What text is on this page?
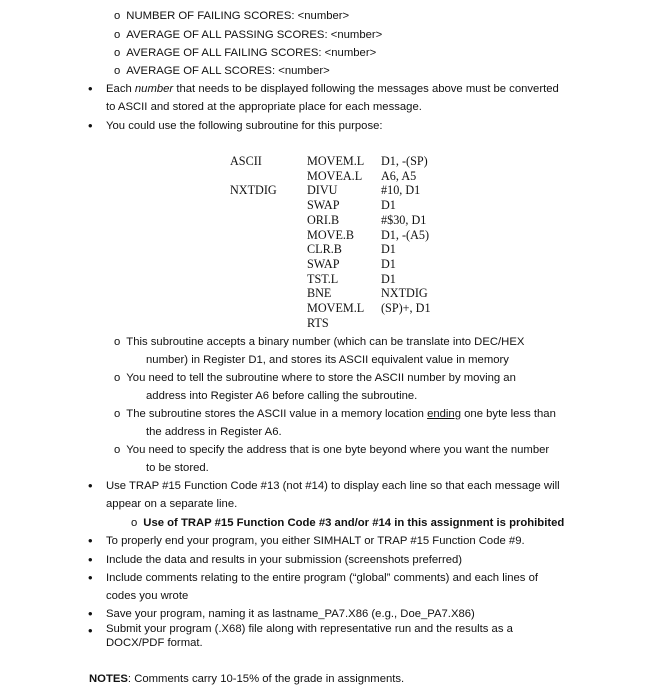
o NUMBER OF FAILING SCORES: <number>
o AVERAGE OF ALL PASSING SCORES: <number>
o AVERAGE OF ALL FAILING SCORES: <number>
o AVERAGE OF ALL SCORES: <number>
• Each number that needs to be displayed following the messages above must be converted
to ASCII and stored at the appropriate place for each message.
• You could use the following subroutine for this purpose:
ASCII	MOVEM.L	D1, -(SP)
	MOVEA.L	A6, A5
NXTDIG	DIVU	#10, D1
	SWAP	D1
	ORI.B	#$30, D1
	MOVE.B	D1, -(A5)
	CLR.B	D1
	SWAP	D1
	TST.L	D1
	BNE	NXTDIG
	MOVEM.L	(SP)+, D1
	RTS	
o This subroutine accepts a binary number (which can be translate into DEC/HEX
number) in Register D1, and stores its ASCII equivalent value in memory
o You need to tell the subroutine where to store the ASCII number by moving an
address into Register A6 before calling the subroutine.
o The subroutine stores the ASCII value in a memory location ending one byte less than
the address in Register A6.
o You need to specify the address that is one byte beyond where you want the number
to be stored.
• Use TRAP #15 Function Code #13 (not #14) to display each line so that each message will
appear on a separate line.
o Use of TRAP #15 Function Code #3 and/or #14 in this assignment is prohibited
• To properly end your program, you either SIMHALT or TRAP #15 Function Code #9.
• Include the data and results in your submission (screenshots preferred)
• Include comments relating to the entire program (“global” comments) and each lines of
codes you wrote
• Save your program, naming it as lastname_PA7.X86 (e.g., Doe_PA7.X86)
• Submit your program (.X68) file along with representative run and the results as a
DOCX/PDF format.
NOTES: Comments carry 10-15% of the grade in assignments.
